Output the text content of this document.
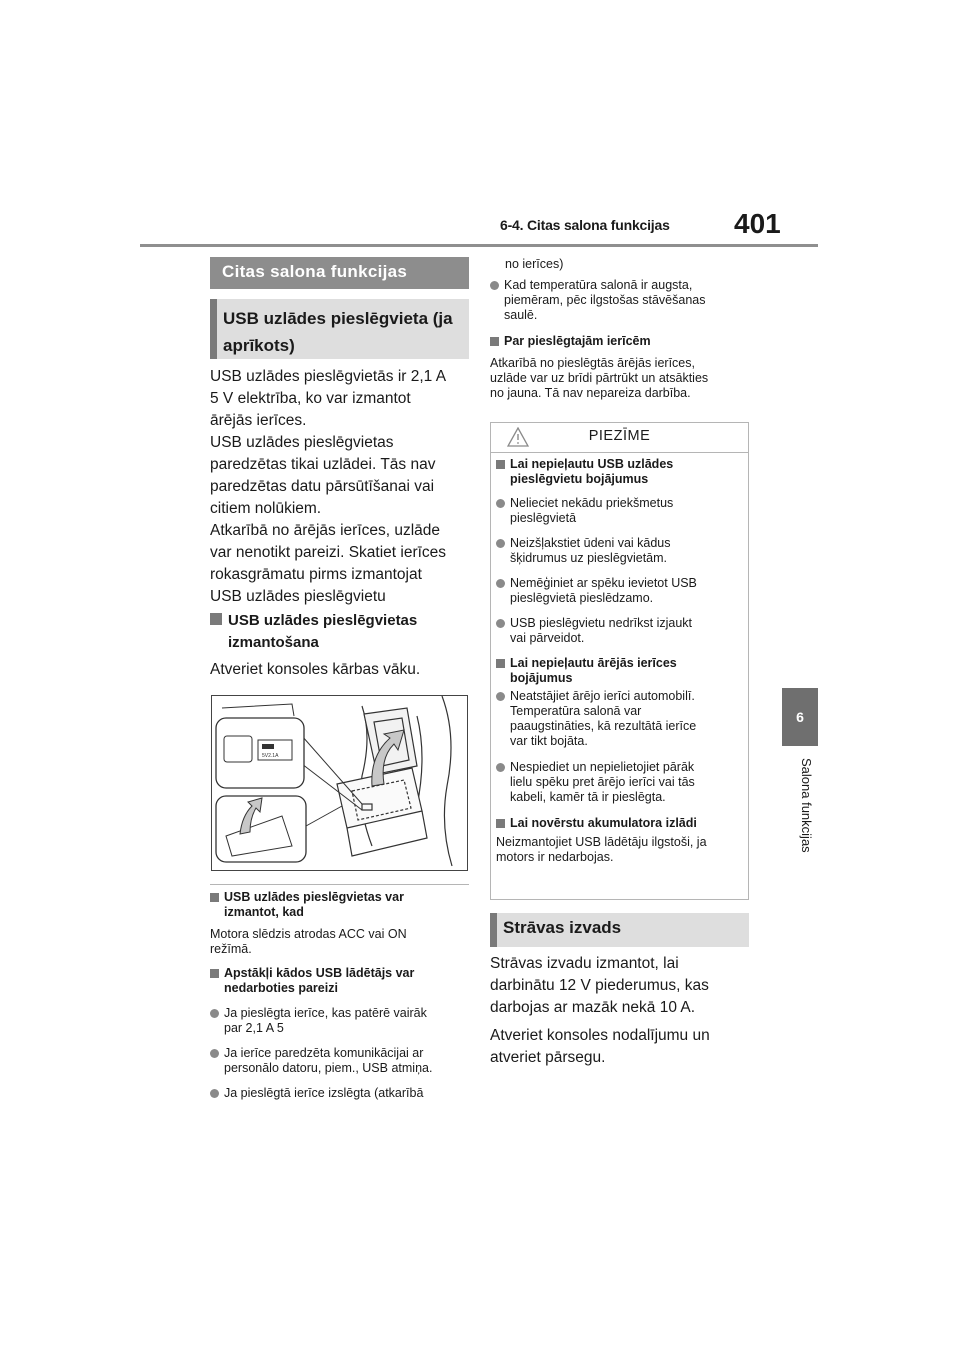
6-4. Citas salona funkcijas 401
6
Salona funkcijas
Citas salona funkcijas
USB uzlādes pieslēgvieta (ja
aprīkots)

USB uzlādes pieslēgvietās ir 2,1 A

5 V elektrība, ko var izmantot

ārējās ierīces.

USB uzlādes pieslēgvietas

paredzētas tikai uzlādei. Tās nav

paredzētas datu pārsūtīšanai vai

citiem nolūkiem.

Atkarībā no ārējās ierīces, uzlāde

var nenotikt pareizi. Skatiet ierīces

rokasgrāmatu pirms izmantojat

USB uzlādes pieslēgvietu

USB uzlādes pieslēgvietas
izmantošana
Atveriet konsoles kārbas vāku.
5V2.1A
USB uzlādes pieslēgvietas var
izmantot, kad
Motora slēdzis atrodas ACC vai ON
režīmā.
Apstākļi kādos USB lādētājs var
nedarboties pareizi
Ja pieslēgta ierīce, kas patērē vairāk
par 2,1 A 5
Ja ierīce paredzēta komunikācijai ar
personālo datoru, piem., USB atmiņa.
Ja pieslēgtā ierīce izslēgta (atkarībā
no ierīces)
Kad temperatūra salonā ir augsta,
piemēram, pēc ilgstošas stāvēšanas
saulē.
Par pieslēgtajām ierīcēm
Atkarībā no pieslēgtās ārējās ierīces,
uzlāde var uz brīdi pārtrūkt un atsākties
no jauna. Tā nav nepareiza darbība.
PIEZĪME
Lai nepieļautu USB uzlādes
pieslēgvietu bojājumus
Nelieciet nekādu priekšmetus
pieslēgvietā
Neizšļakstiet ūdeni vai kādus
šķidrumus uz pieslēgvietām.
Nemēģiniet ar spēku ievietot USB
pieslēgvietā pieslēdzamo.
USB pieslēgvietu nedrīkst izjaukt
vai pārveidot.
Lai nepieļautu ārējās ierīces
bojājumus
Neatstājiet ārējo ierīci automobilī.
Temperatūra salonā var
paaugstināties, kā rezultātā ierīce
var tikt bojāta.
Nespiediet un nepielietojiet pārāk
lielu spēku pret ārējo ierīci vai tās
kabeli, kamēr tā ir pieslēgta.
Lai novērstu akumulatora izlādi
Neizmantojiet USB lādētāju ilgstoši, ja
motors ir nedarbojas.
Strāvas izvads

Strāvas izvadu izmantot, lai

darbinātu 12 V piederumus, kas

darbojas ar mazāk nekā 10 A.

Atveriet konsoles nodalījumu un

atveriet pārsegu.
